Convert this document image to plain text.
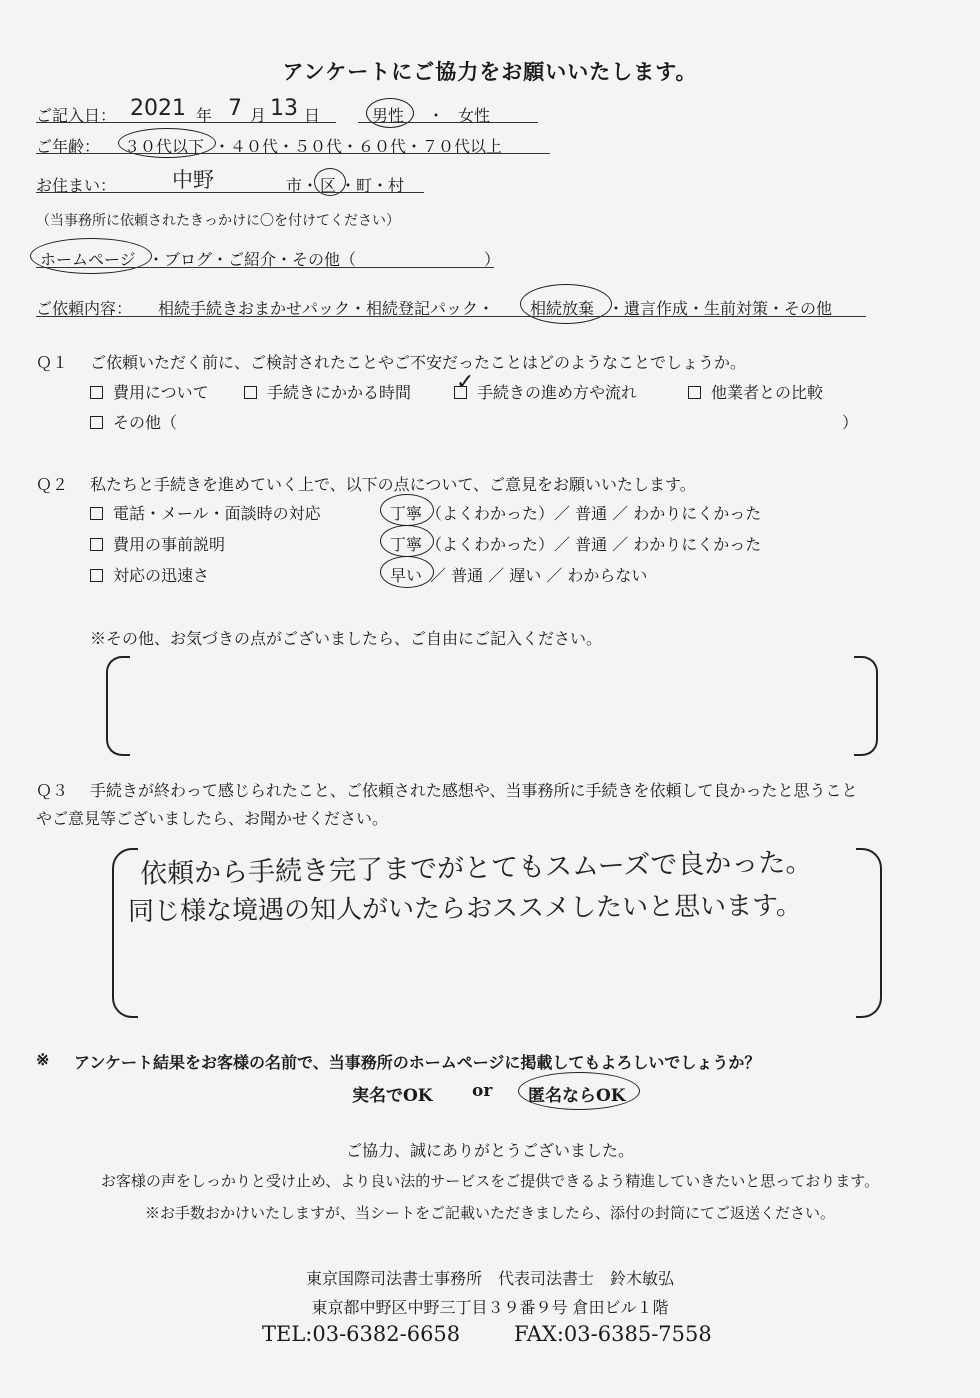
アンケートにご協力をお願いいたします。
ご記入日： 2021 年 7 月 13 日	男性 ・ 女性
ご年齢： ３０代以下 ・４０代・５０代・６０代・７０代以上
お住まい：	中野	市・ 区 ・町・村
（当事務所に依頼されたきっかけに〇を付けてください）
ホームページ ・ブログ・ご紹介・その他（　　　　　　　　）
ご依頼内容： 相続手続きおまかせパック・相続登記パック・ 相続放棄 ・遺言作成・生前対策・その他
Ｑ１ ご依頼いただく前に、ご検討されたことやご不安だったことはどのようなことでしょうか。
費用について	手続きにかかる時間	手続きの進め方や流れ
✓	他業者との比較
その他（	）
Ｑ２ 私たちと手続きを進めていく上で、以下の点について、ご意見をお願いいたします。
電話・メール・面談時の対応	丁寧 （よくわかった）／ 普通 ／ わかりにくかった
費用の事前説明	丁寧 （よくわかった）／ 普通 ／ わかりにくかった
対応の迅速さ	早い ／ 普通 ／ 遅い ／ わからない
※その他、お気づきの点がございましたら、ご自由にご記入ください。
Ｑ３ 手続きが終わって感じられたこと、ご依頼された感想や、当事務所に手続きを依頼して良かったと思うこと
やご意見等ございましたら、お聞かせください。
依頼から手続き完了までがとてもスムーズで良かった。
同じ様な境遇の知人がいたらおススメしたいと思います。
※ アンケート結果をお客様の名前で、当事務所のホームページに掲載してもよろしいでしょうか？
実名でOK or 匿名ならOK
ご協力、誠にありがとうございました。
お客様の声をしっかりと受け止め、より良い法的サービスをご提供できるよう精進していきたいと思っております。
※お手数おかけいたしますが、当シートをご記載いただきましたら、添付の封筒にてご返送ください。
東京国際司法書士事務所　代表司法書士　鈴木敏弘
東京都中野区中野三丁目３９番９号 倉田ビル１階
TEL:03-6382-6658	FAX:03-6385-7558
